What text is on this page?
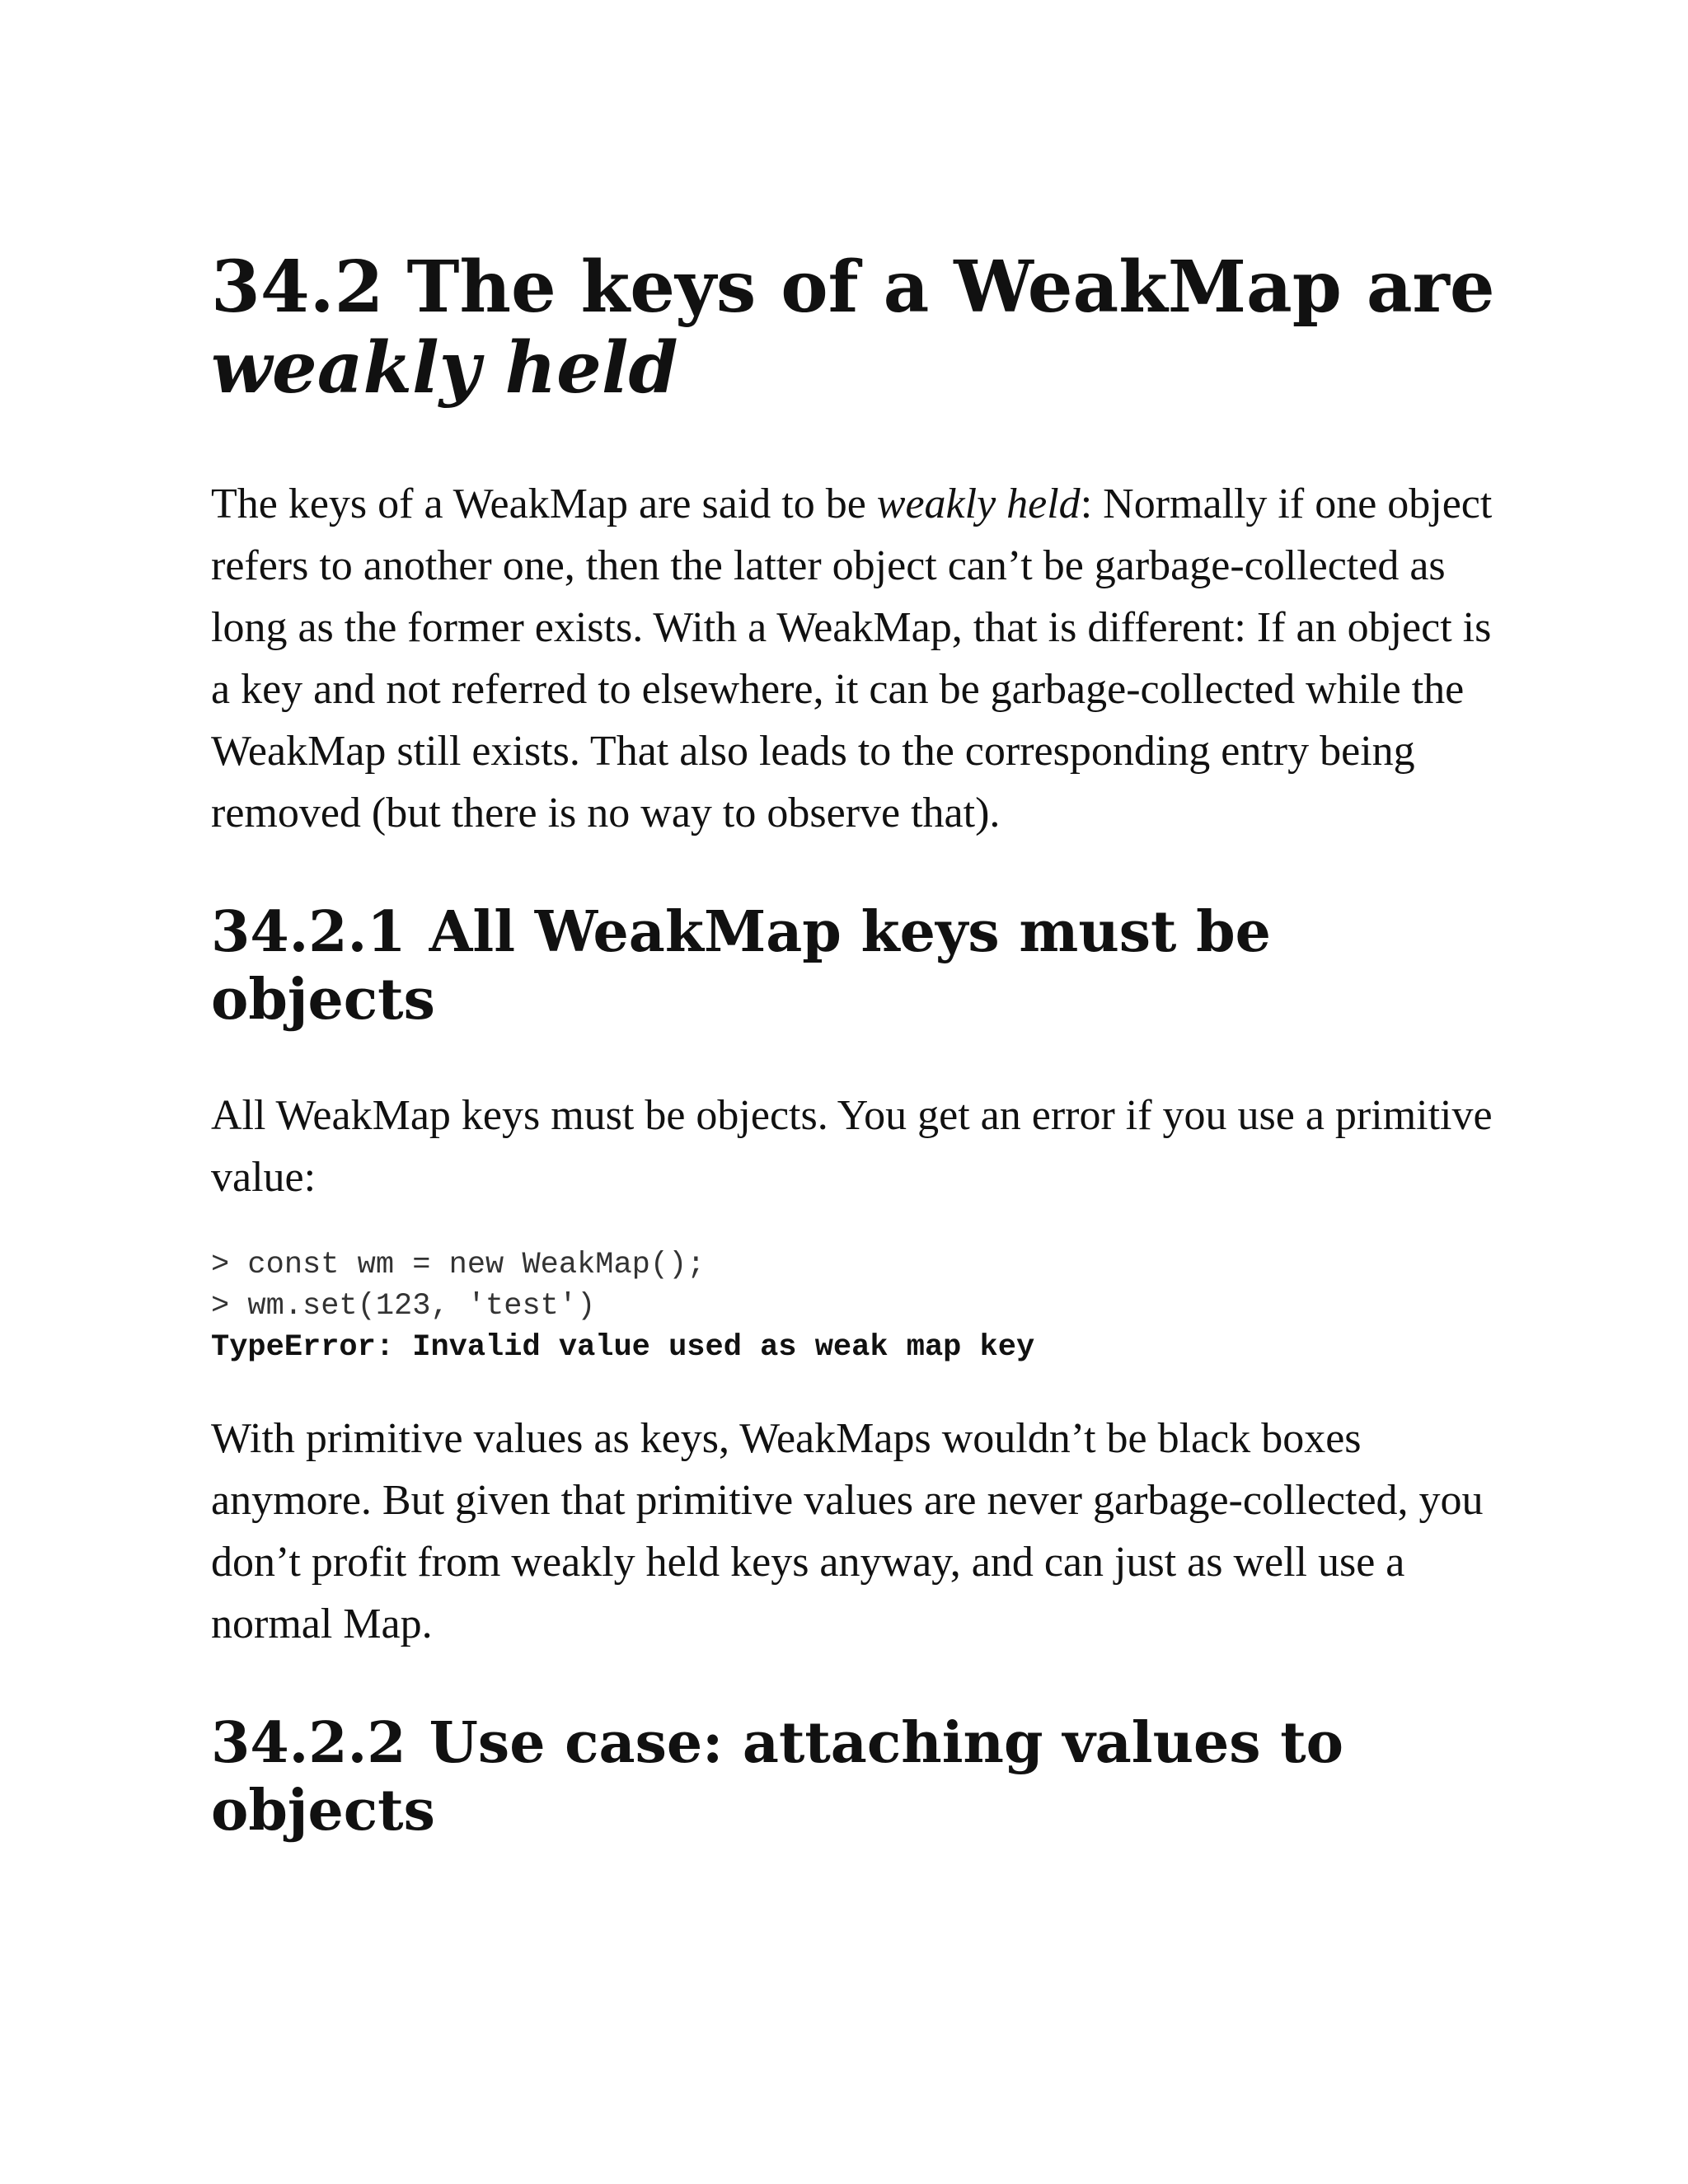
34.2 The keys of a WeakMap are
weakly held

The keys of a WeakMap are said to be weakly held: Normally if one object refers to another one, then the latter object can’t be garbage-collected as long as the former exists. With a WeakMap, that is different: If an object is a key and not referred to elsewhere, it can be garbage-collected while the WeakMap still exists. That also leads to the corresponding entry being removed (but there is no way to observe that).

34.2.1 All WeakMap keys must be objects

All WeakMap keys must be objects. You get an error if you use a primitive value:

> const wm = new WeakMap();
> wm.set(123, 'test')
TypeError: Invalid value used as weak map key

With primitive values as keys, WeakMaps wouldn’t be black boxes anymore. But given that primitive values are never garbage-collected, you don’t profit from weakly held keys anyway, and can just as well use a normal Map.

34.2.2 Use case: attaching values to objects
